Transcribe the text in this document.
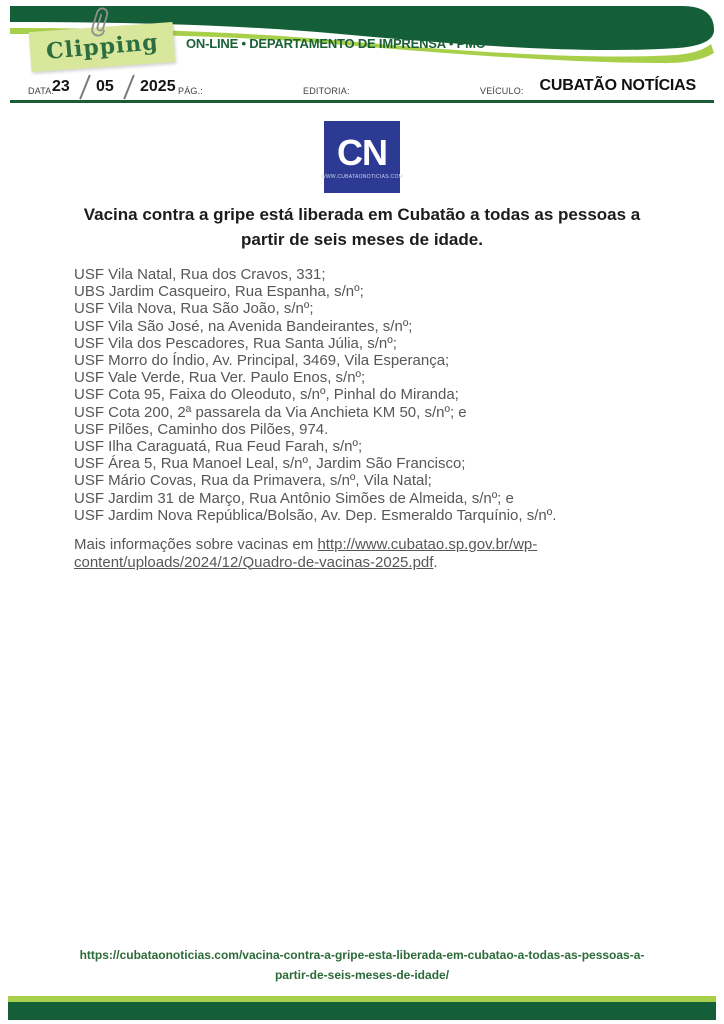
Clipping ON-LINE • DEPARTAMENTO DE IMPRENSA • PMC
DATA:
23 05 2025 PÁG.:	EDITORIA:	VEÍCULO: CUBATÃO NOTÍCIAS
CN
WWW.CUBATAONOTICIAS.COM
Vacina contra a gripe está liberada em Cubatão a todas as pessoas a
partir de seis meses de idade.
USF Vila Natal, Rua dos Cravos, 331;
UBS Jardim Casqueiro, Rua Espanha, s/nº;
USF Vila Nova, Rua São João, s/nº;
USF Vila São José, na Avenida Bandeirantes, s/nº;
USF Vila dos Pescadores, Rua Santa Júlia, s/nº;
USF Morro do Índio, Av. Principal, 3469, Vila Esperança;
USF Vale Verde, Rua Ver. Paulo Enos, s/nº;
USF Cota 95, Faixa do Oleoduto, s/nº, Pinhal do Miranda;
USF Cota 200, 2ª passarela da Via Anchieta KM 50, s/nº; e
USF Pilões, Caminho dos Pilões, 974.
USF Ilha Caraguatá, Rua Feud Farah, s/nº;
USF Área 5, Rua Manoel Leal, s/nº, Jardim São Francisco;
USF Mário Covas, Rua da Primavera, s/nº, Vila Natal;
USF Jardim 31 de Março, Rua Antônio Simões de Almeida, s/nº; e
USF Jardim Nova República/Bolsão, Av. Dep. Esmeraldo Tarquínio, s/nº.

Mais informações sobre vacinas em http://www.cubatao.sp.gov.br/wp-
content/uploads/2024/12/Quadro-de-vacinas-2025.pdf.

https://cubataonoticias.com/vacina-contra-a-gripe-esta-liberada-em-cubatao-a-todas-as-pessoas-a-
partir-de-seis-meses-de-idade/
